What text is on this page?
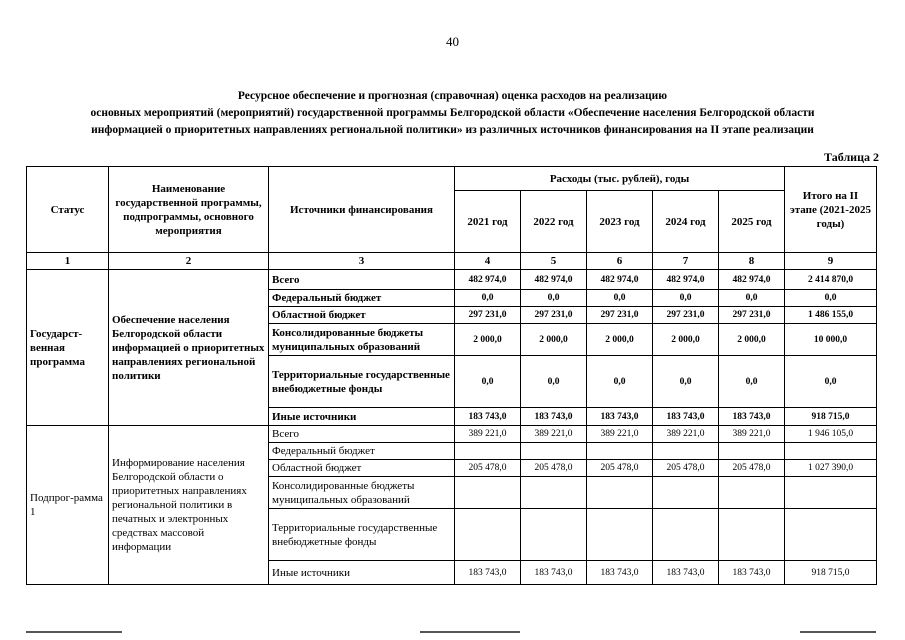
40
Ресурсное обеспечение и прогнозная (справочная) оценка расходов на реализацию
основных мероприятий (мероприятий) государственной программы Белгородской области «Обеспечение населения Белгородской области
информацией о приоритетных направлениях региональной политики» из различных источников финансирования на II этапе реализации
Таблица 2
Статус	Наименование государственной программы, подпрограммы, основного мероприятия	Источники финансирования	Расходы (тыс. рублей), годы					Итого на II этапе (2021-2025 годы)
			2021 год	2022 год	2023 год	2024 год	2025 год	
1	2	3	4	5	6	7	8	9
Государст-венная программа	Обеспечение населения Белгородской области информацией о приоритетных направлениях региональной политики	Всего	482 974,0	482 974,0	482 974,0	482 974,0	482 974,0	2 414 870,0
		Федеральный бюджет	0,0	0,0	0,0	0,0	0,0	0,0
		Областной бюджет	297 231,0	297 231,0	297 231,0	297 231,0	297 231,0	1 486 155,0
		Консолидированные бюджеты муниципальных образований	2 000,0	2 000,0	2 000,0	2 000,0	2 000,0	10 000,0
		Территориальные государственные внебюджетные фонды	0,0	0,0	0,0	0,0	0,0	0,0
		Иные источники	183 743,0	183 743,0	183 743,0	183 743,0	183 743,0	918 715,0
Подпрог-рамма 1	Информирование населения Белгородской области о приоритетных направлениях региональной политики в печатных и электронных средствах массовой информации	Всего	389 221,0	389 221,0	389 221,0	389 221,0	389 221,0	1 946 105,0
		Федеральный бюджет						
		Областной бюджет	205 478,0	205 478,0	205 478,0	205 478,0	205 478,0	1 027 390,0
		Консолидированные бюджеты муниципальных образований						
		Территориальные государственные внебюджетные фонды						
		Иные источники	183 743,0	183 743,0	183 743,0	183 743,0	183 743,0	918 715,0
